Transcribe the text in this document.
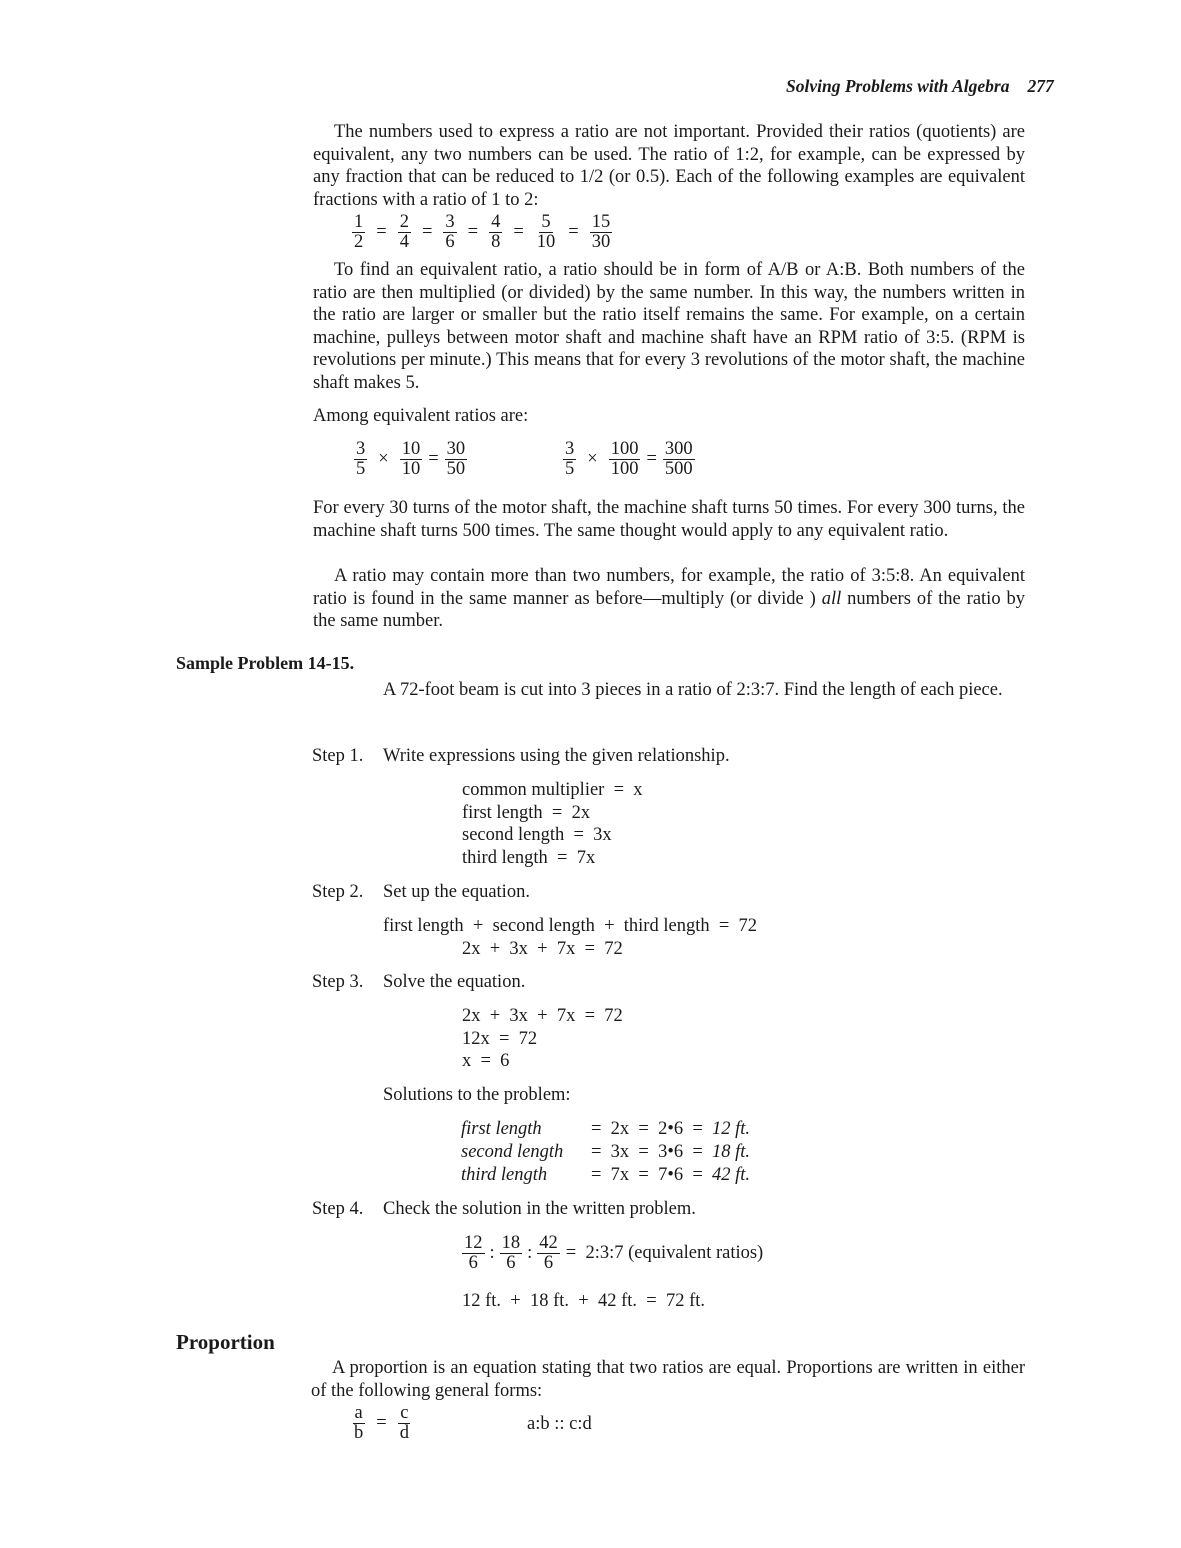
Solving Problems with Algebra 277
The numbers used to express a ratio are not important. Provided their ratios (quotients) are equivalent, any two numbers can be used. The ratio of 1:2, for example, can be expressed by any fraction that can be reduced to 1/2 (or 0.5). Each of the following examples are equivalent fractions with a ratio of 1 to 2:
$\frac{1}{2} = \frac{2}{4} = \frac{3}{6} = \frac{4}{8} = \frac{5}{10} = \frac{15}{30}$
To find an equivalent ratio, a ratio should be in form of A/B or A:B. Both numbers of the ratio are then multiplied (or divided) by the same number. In this way, the numbers written in the ratio are larger or smaller but the ratio itself remains the same. For example, on a certain machine, pulleys between motor shaft and machine shaft have an RPM ratio of 3:5. (RPM is revolutions per minute.) This means that for every 3 revolutions of the motor shaft, the machine shaft makes 5.
Among equivalent ratios are:
$\frac{3}{5} \times \frac{10}{10} = \frac{30}{50}$	$\frac{3}{5} \times \frac{100}{100} = \frac{300}{500}$
For every 30 turns of the motor shaft, the machine shaft turns 50 times. For every 300 turns, the machine shaft turns 500 times. The same thought would apply to any equivalent ratio.
A ratio may contain more than two numbers, for example, the ratio of 3:5:8. An equivalent ratio is found in the same manner as before—multiply (or divide ) all numbers of the ratio by the same number.
Sample Problem 14-15.
A 72-foot beam is cut into 3 pieces in a ratio of 2:3:7. Find the length of each piece.
Step 1. Write expressions using the given relationship.
common multiplier  =  x
first length  =  2x
second length  =  3x
third length  =  7x
Step 2. Set up the equation.
first length  +  second length  +  third length  =  72
2x  +  3x  +  7x  =  72
Step 3. Solve the equation.
2x  +  3x  +  7x  =  72
12x  =  72
x  =  6
Solutions to the problem:
first length	=  2x  =  2•6  = 12 ft.
second length	=  3x  =  3•6  = 18 ft.
third length	=  7x  =  7•6  = 42 ft.
Step 4. Check the solution in the written problem.
$\frac{12}{6}$ : $\frac{18}{6}$ : $\frac{42}{6}$ =  2:3:7 (equivalent ratios)
12 ft.  +  18 ft.  +  42 ft.  =  72 ft.
Proportion
A proportion is an equation stating that two ratios are equal. Proportions are written in either of the following general forms:
$\frac{a}{b} = \frac{c}{d}$	a:b :: c:d
